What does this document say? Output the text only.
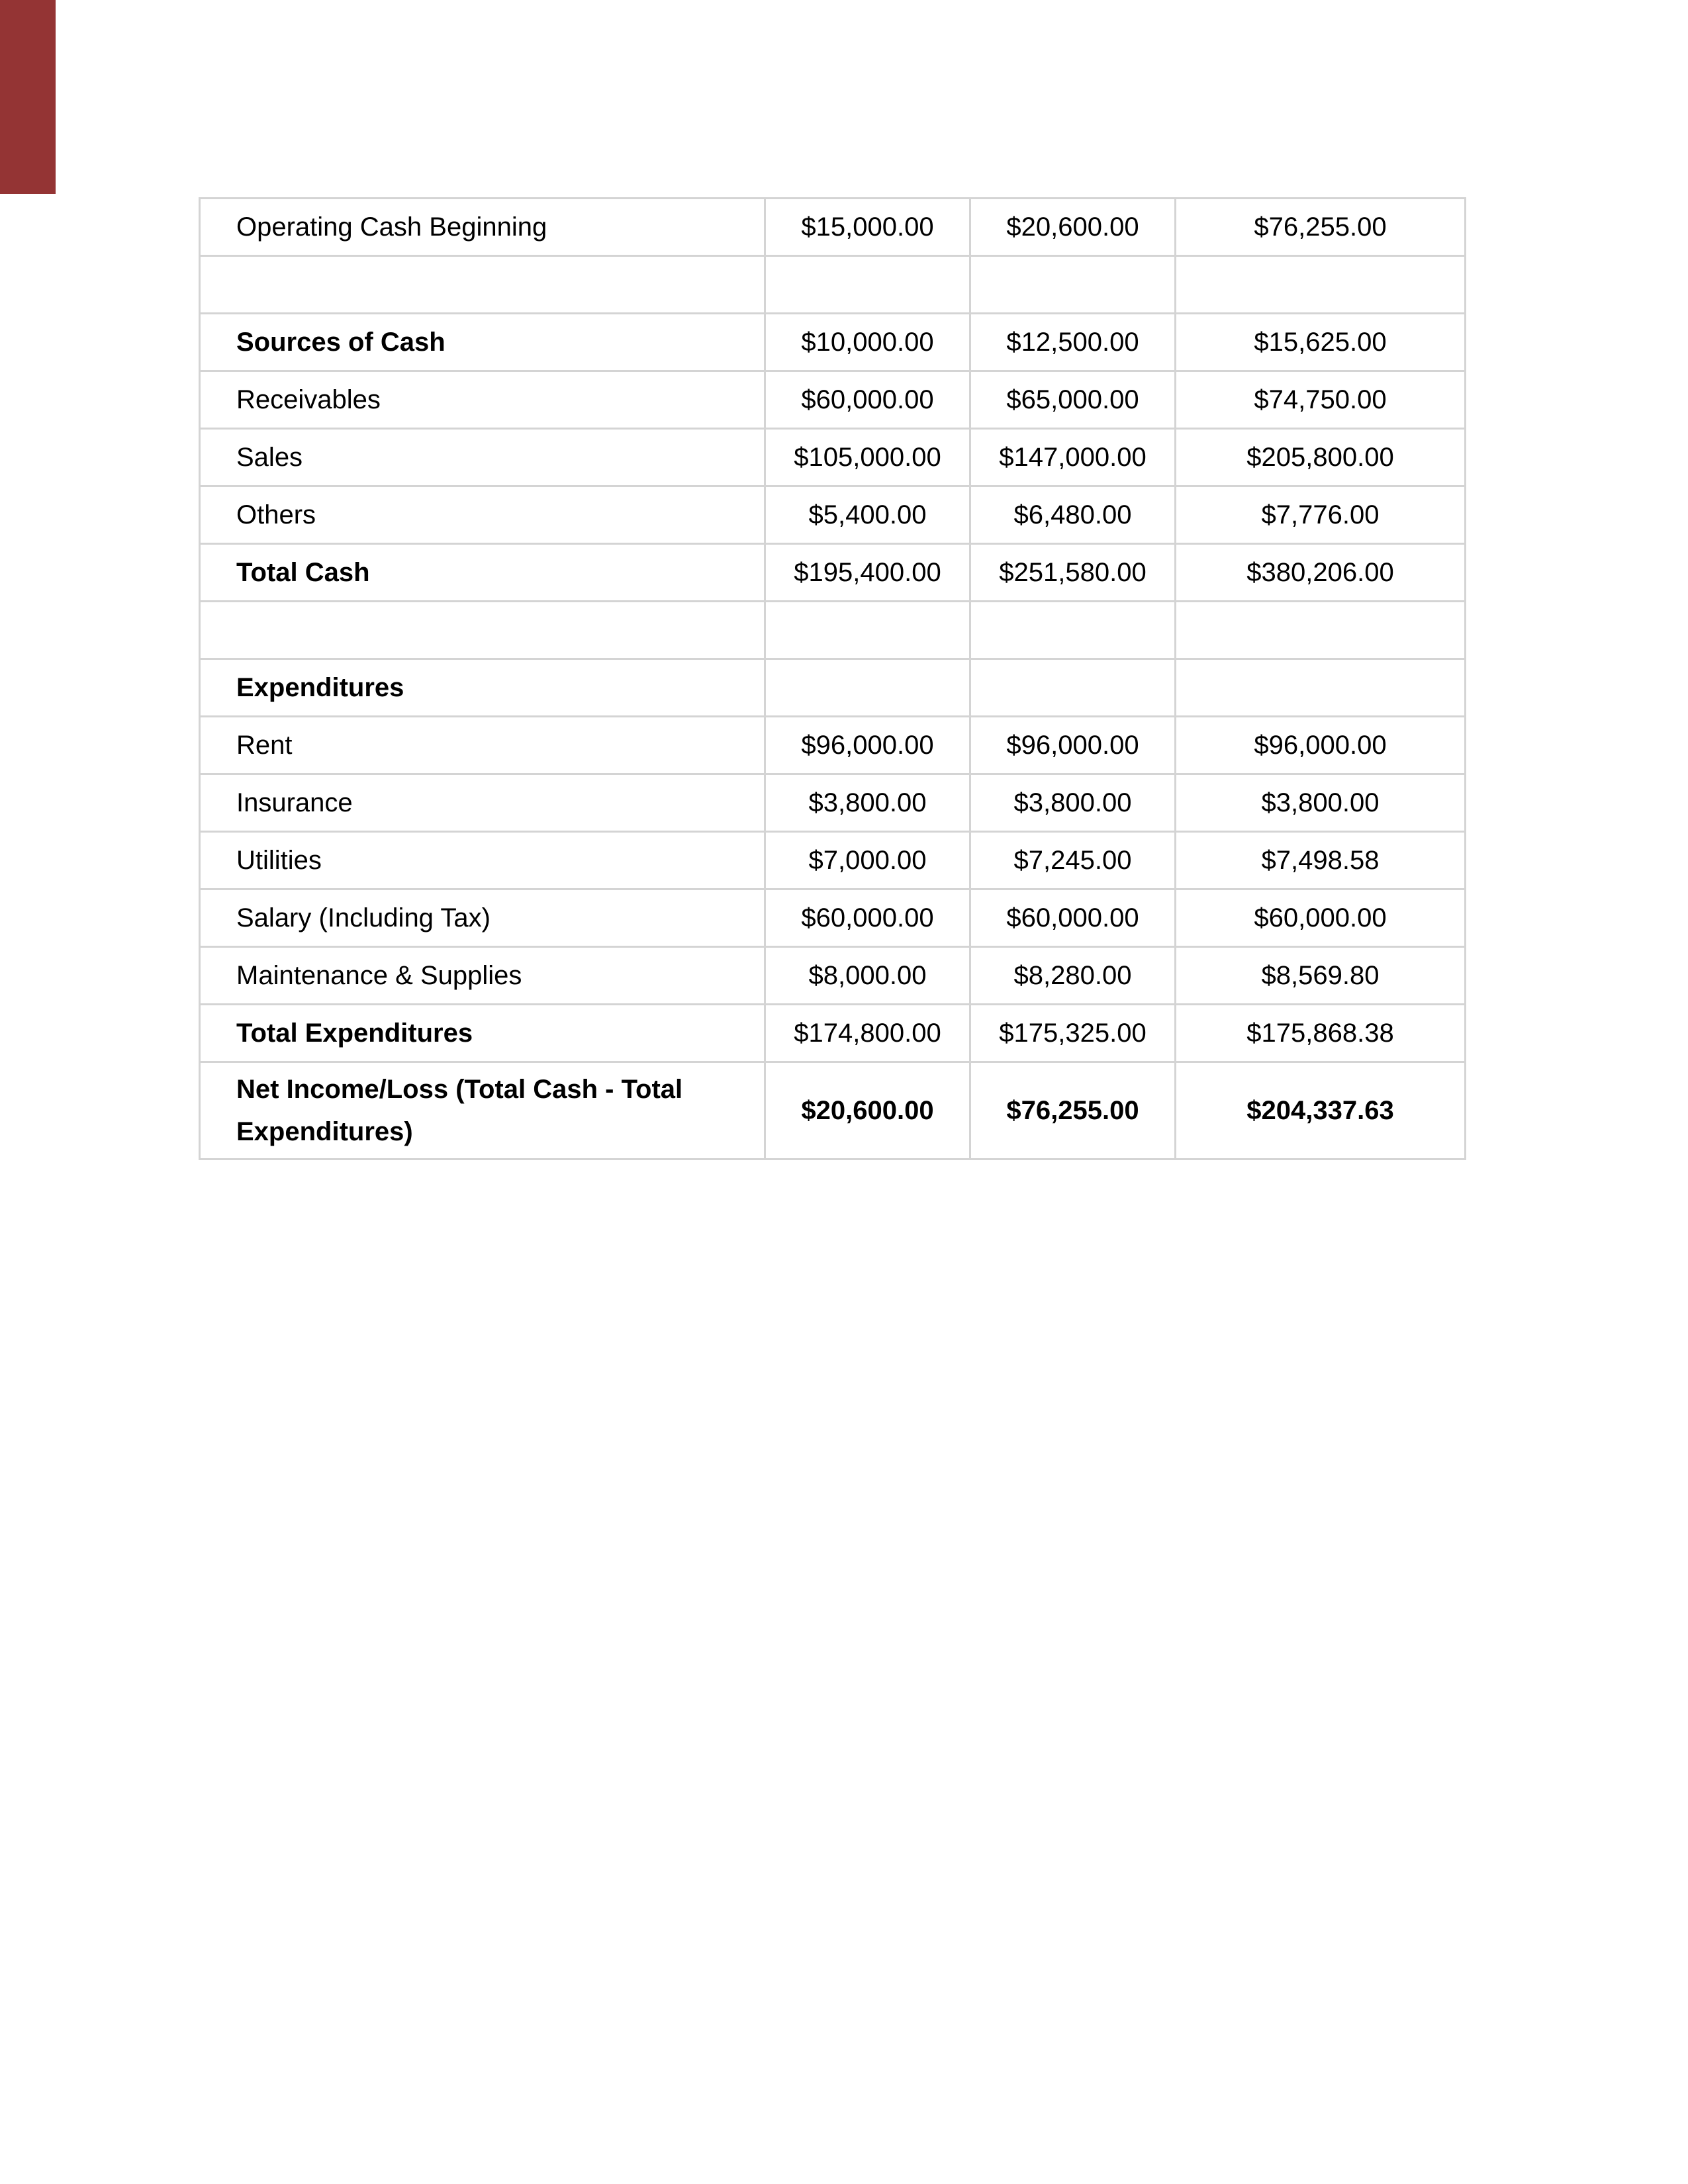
Operating Cash Beginning	$15,000.00	$20,600.00	$76,255.00

Sources of Cash	$10,000.00	$12,500.00	$15,625.00
Receivables	$60,000.00	$65,000.00	$74,750.00
Sales	$105,000.00	$147,000.00	$205,800.00
Others	$5,400.00	$6,480.00	$7,776.00
Total Cash	$195,400.00	$251,580.00	$380,206.00

Expenditures			
Rent	$96,000.00	$96,000.00	$96,000.00
Insurance	$3,800.00	$3,800.00	$3,800.00
Utilities	$7,000.00	$7,245.00	$7,498.58
Salary (Including Tax)	$60,000.00	$60,000.00	$60,000.00
Maintenance & Supplies	$8,000.00	$8,280.00	$8,569.80
Total Expenditures	$174,800.00	$175,325.00	$175,868.38
Net Income/Loss (Total Cash - Total Expenditures)	$20,600.00	$76,255.00	$204,337.63
